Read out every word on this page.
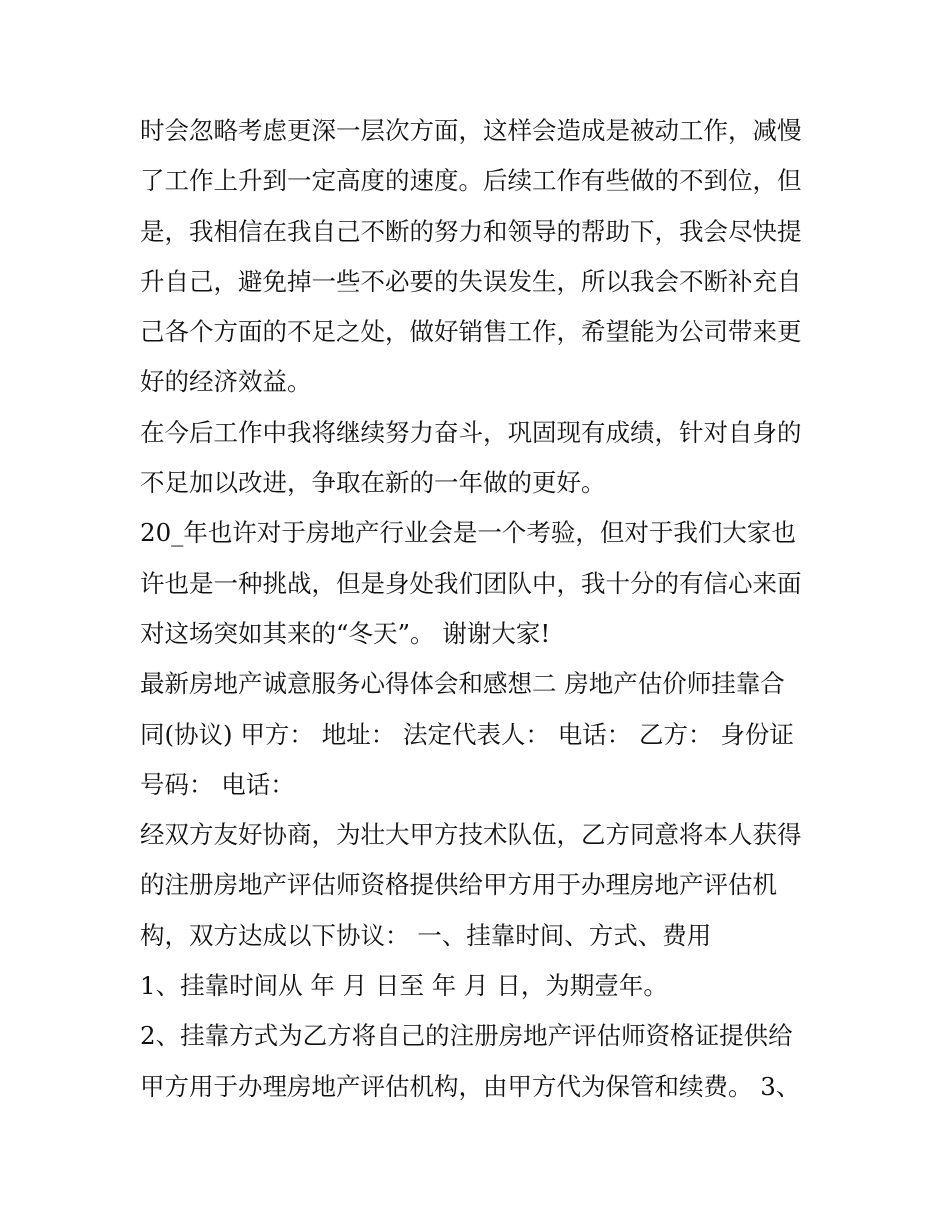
时会忽略考虑更深一层次方面，这样会造成是被动工作，减慢
了工作上升到一定高度的速度。后续工作有些做的不到位，但
是，我相信在我自己不断的努力和领导的帮助下，我会尽快提
升自己，避免掉一些不必要的失误发生，所以我会不断补充自
己各个方面的不足之处，做好销售工作，希望能为公司带来更
好的经济效益。
在今后工作中我将继续努力奋斗，巩固现有成绩，针对自身的
不足加以改进，争取在新的一年做的更好。
20_年也许对于房地产行业会是一个考验，但对于我们大家也
许也是一种挑战，但是身处我们团队中，我十分的有信心来面
对这场突如其来的“冬天”。 谢谢大家!
最新房地产诚意服务心得体会和感想二 房地产估价师挂靠合
同(协议) 甲方： 地址： 法定代表人： 电话： 乙方： 身份证
号码： 电话：
经双方友好协商，为壮大甲方技术队伍，乙方同意将本人获得
的注册房地产评估师资格提供给甲方用于办理房地产评估机
构，双方达成以下协议： 一、挂靠时间、方式、费用
1、挂靠时间从 年 月 日至 年 月 日，为期壹年。
2、挂靠方式为乙方将自己的注册房地产评估师资格证提供给
甲方用于办理房地产评估机构，由甲方代为保管和续费。 3、
